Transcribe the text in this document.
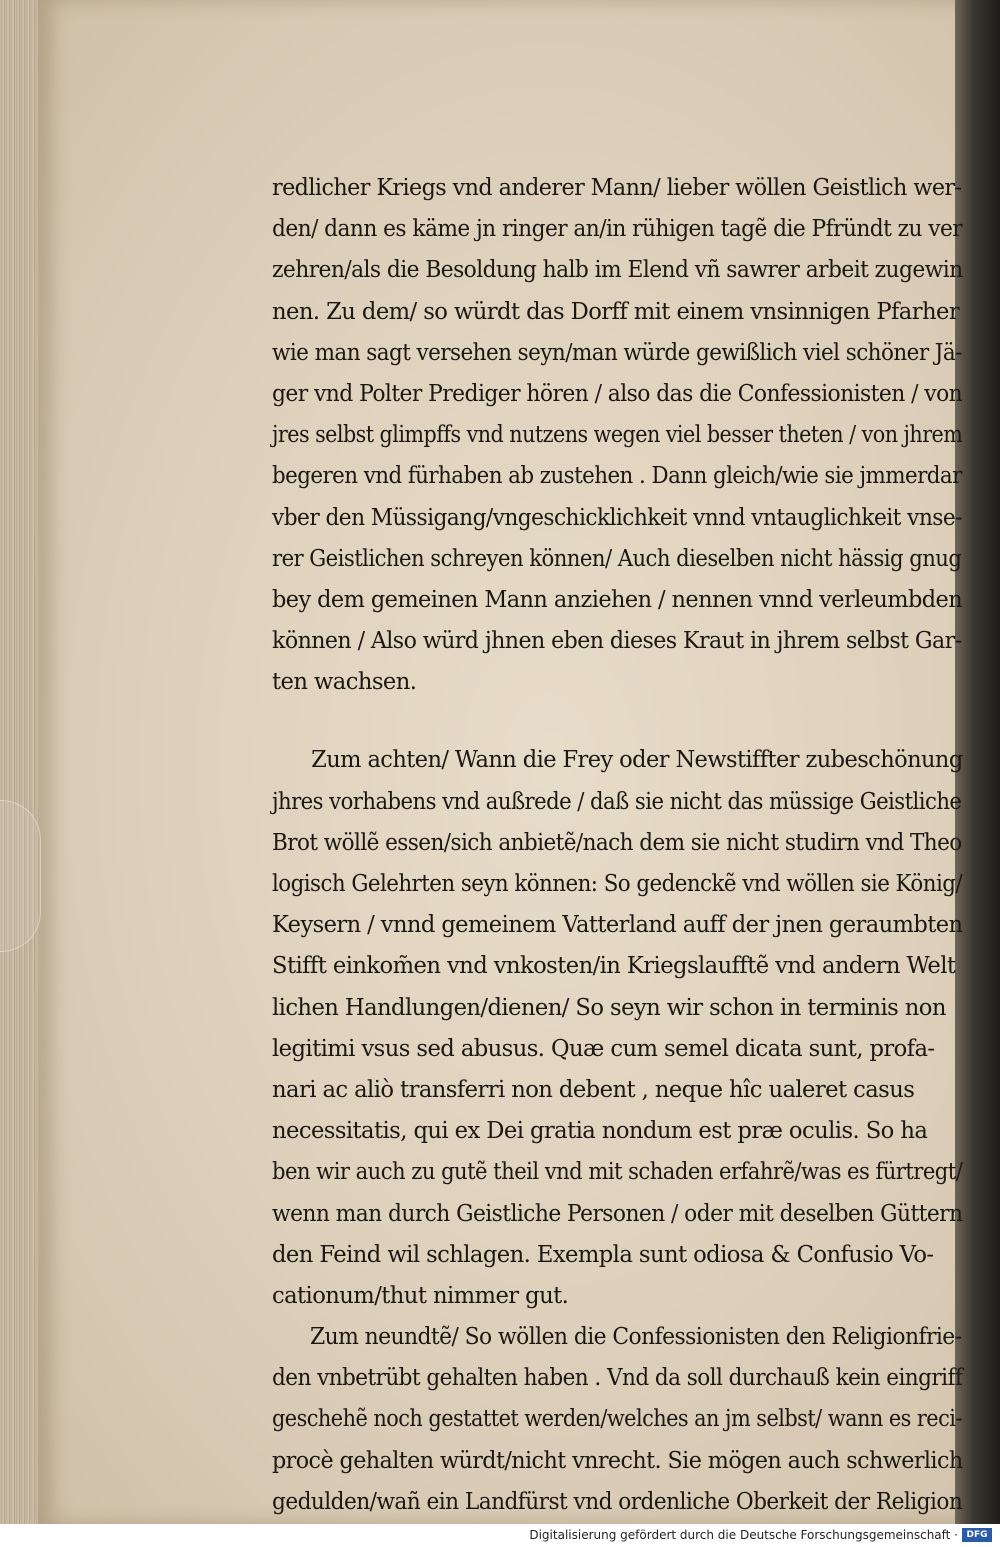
redlicher Kriegs vnd anderer Mann/ lieber wöllen Geistlich wer-
den/ dann es käme jn ringer an/in rühigen tagẽ die Pfründt zu ver
zehren/als die Besoldung halb im Elend vñ sawrer arbeit zugewin
nen. Zu dem/ so würdt das Dorff mit einem vnsinnigen Pfarher
wie man sagt versehen seyn/man würde gewißlich viel schöner Jä-
ger vnd Polter Prediger hören / also das die Confessionisten / von
jres selbst glimpffs vnd nutzens wegen viel besser theten / von jhrem
begeren vnd fürhaben ab zustehen . Dann gleich/wie sie jmmerdar
vber den Müssigang/vngeschicklichkeit vnnd vntauglichkeit vnse-
rer Geistlichen schreyen können/ Auch dieselben nicht hässig gnug
bey dem gemeinen Mann anziehen / nennen vnnd verleumbden
können / Also würd jhnen eben dieses Kraut in jhrem selbst Gar-
ten wachsen.
Zum achten/ Wann die Frey oder Newstiffter zubeschönung
jhres vorhabens vnd außrede / daß sie nicht das müssige Geistliche
Brot wöllẽ essen/sich anbietẽ/nach dem sie nicht studirn vnd Theo
logisch Gelehrten seyn können: So gedenckẽ vnd wöllen sie König/
Keysern / vnnd gemeinem Vatterland auff der jnen geraumbten
Stifft einkom̃en vnd vnkosten/in Kriegslaufftẽ vnd andern Welt
lichen Handlungen/dienen/ So seyn wir schon in terminis non
legitimi vsus sed abusus. Quæ cum semel dicata sunt, profa-
nari ac aliò transferri non debent , neque hîc ualeret casus
necessitatis, qui ex Dei gratia nondum est præ oculis. So ha
ben wir auch zu gutẽ theil vnd mit schaden erfahrẽ/was es fürtregt/
wenn man durch Geistliche Personen / oder mit deselben Güttern
den Feind wil schlagen. Exempla sunt odiosa & Confusio Vo-
cationum/thut nimmer gut.
Zum neundtẽ/ So wöllen die Confessionisten den Religionfrie-
den vnbetrübt gehalten haben . Vnd da soll durchauß kein eingriff
geschehẽ noch gestattet werden/welches an jm selbst/ wann es reci-
procè gehalten würdt/nicht vnrecht. Sie mögen auch schwerlich
gedulden/wañ ein Landfürst vnd ordenliche Oberkeit der Religion
Digitalisierung gefördert durch die Deutsche Forschungsgemeinschaft · DFG
